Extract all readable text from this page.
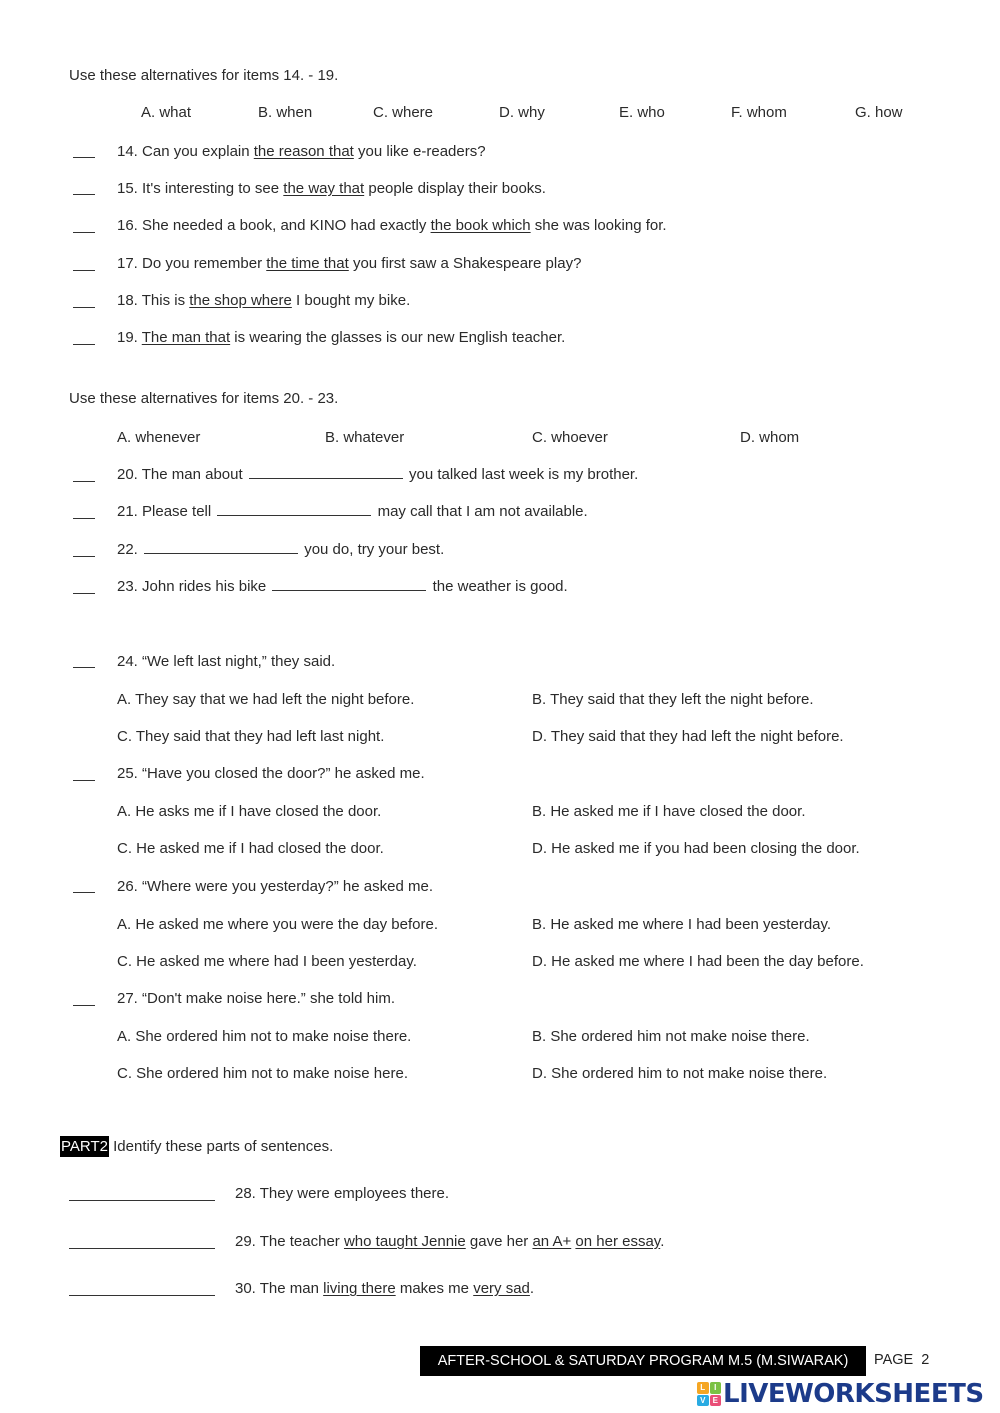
Use these alternatives for items 14. - 19.
A. what	B. when	C. where	D. why	E. who	F. whom	G. how
14. Can you explain the reason that you like e-readers?
15. It's interesting to see the way that people display their books.
16. She needed a book, and KINO had exactly the book which she was looking for.
17. Do you remember the time that you first saw a Shakespeare play?
18. This is the shop where I bought my bike.
19. The man that is wearing the glasses is our new English teacher.
Use these alternatives for items 20. - 23.
A. whenever	B. whatever	C. whoever	D. whom
20. The man about	you talked last week is my brother.
21. Please tell	may call that I am not available.
22.	you do, try your best.
23. John rides his bike	the weather is good.
24. “We left last night,” they said.
A. They say that we had left the night before.	B. They said that they left the night before.
C. They said that they had left last night.	D. They said that they had left the night before.
25. “Have you closed the door?” he asked me.
A. He asks me if I have closed the door.	B. He asked me if I have closed the door.
C. He asked me if I had closed the door.	D. He asked me if you had been closing the door.
26. “Where were you yesterday?” he asked me.
A. He asked me where you were the day before.	B. He asked me where I had been yesterday.
C. He asked me where had I been yesterday.	D. He asked me where I had been the day before.
27. “Don't make noise here.” she told him.
A. She ordered him not to make noise there.	B. She ordered him not make noise there.
C. She ordered him not to make noise here.	D. She ordered him to not make noise there.
PART2 Identify these parts of sentences.
28. They were employees there.
29. The teacher who taught Jennie gave her an A+ on her essay.
30. The man living there makes me very sad.
AFTER-SCHOOL & SATURDAY PROGRAM M.5 (M.SIWARAK)	PAGE 2
L	I
V E LIVEWORKSHEETS
